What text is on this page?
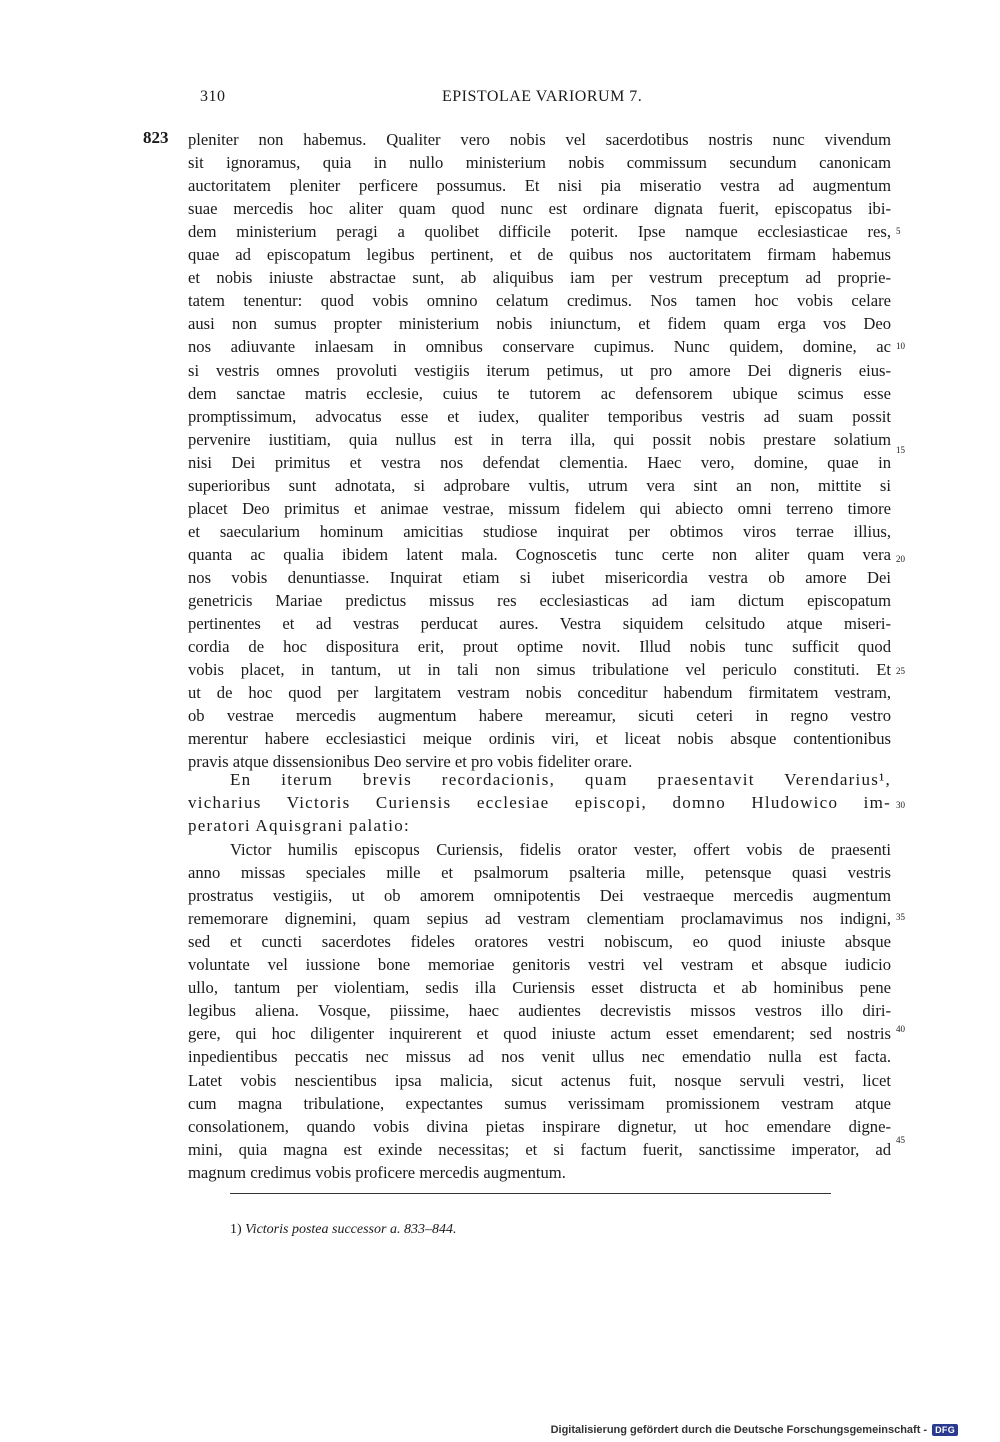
310	EPISTOLAE VARIORUM 7.
823 pleniter non habemus. Qualiter vero nobis vel sacerdotibus nostris nunc vivendum
sit ignoramus, quia in nullo ministerium nobis commissum secundum canonicam
auctoritatem pleniter perficere possumus. Et nisi pia miseratio vestra ad augmentum
suae mercedis hoc aliter quam quod nunc est ordinare dignata fuerit, episcopatus ibi-
dem ministerium peragi a quolibet difficile poterit. Ipse namque ecclesiasticae res,
quae ad episcopatum legibus pertinent, et de quibus nos auctoritatem firmam habemus
et nobis iniuste abstractae sunt, ab aliquibus iam per vestrum preceptum ad proprie-
tatem tenentur: quod vobis omnino celatum credimus. Nos tamen hoc vobis celare
ausi non sumus propter ministerium nobis iniunctum, et fidem quam erga vos Deo
nos adiuvante inlaesam in omnibus conservare cupimus. Nunc quidem, domine, ac
si vestris omnes provoluti vestigiis iterum petimus, ut pro amore Dei digneris eius-
dem sanctae matris ecclesie, cuius te tutorem ac defensorem ubique scimus esse
promptissimum, advocatus esse et iudex, qualiter temporibus vestris ad suam possit
pervenire iustitiam, quia nullus est in terra illa, qui possit nobis prestare solatium
nisi Dei primitus et vestra nos defendat clementia. Haec vero, domine, quae in
superioribus sunt adnotata, si adprobare vultis, utrum vera sint an non, mittite si
placet Deo primitus et animae vestrae, missum fidelem qui abiecto omni terreno timore
et saecularium hominum amicitias studiose inquirat per obtimos viros terrae illius,
quanta ac qualia ibidem latent mala. Cognoscetis tunc certe non aliter quam vera
nos vobis denuntiasse. Inquirat etiam si iubet misericordia vestra ob amore Dei
genetricis Mariae predictus missus res ecclesiasticas ad iam dictum episcopatum
pertinentes et ad vestras perducat aures. Vestra siquidem celsitudo atque miseri-
cordia de hoc dispositura erit, prout optime novit. Illud nobis tunc sufficit quod
vobis placet, in tantum, ut in tali non simus tribulatione vel periculo constituti. Et
ut de hoc quod per largitatem vestram nobis conceditur habendum firmitatem vestram,
ob vestrae mercedis augmentum habere mereamur, sicuti ceteri in regno vestro
merentur habere ecclesiastici meique ordinis viri, et liceat nobis absque contentionibus
pravis atque dissensionibus Deo servire et pro vobis fideliter orare.
En iterum brevis recordacionis, quam praesentavit Verendarius¹,
vicharius Victoris Curiensis ecclesiae episcopi, domno Hludowico im-
peratori Aquisgrani palatio:
Victor humilis episcopus Curiensis, fidelis orator vester, offert vobis de praesenti
anno missas speciales mille et psalmorum psalteria mille, petensque quasi vestris
prostratus vestigiis, ut ob amorem omnipotentis Dei vestraeque mercedis augmentum
rememorare dignemini, quam sepius ad vestram clementiam proclamavimus nos indigni,
sed et cuncti sacerdotes fideles oratores vestri nobiscum, eo quod iniuste absque
voluntate vel iussione bone memoriae genitoris vestri vel vestram et absque iudicio
ullo, tantum per violentiam, sedis illa Curiensis esset distructa et ab hominibus pene
legibus aliena. Vosque, piissime, haec audientes decrevistis missos vestros illo diri-
gere, qui hoc diligenter inquirerent et quod iniuste actum esset emendarent; sed nostris
inpedientibus peccatis nec missus ad nos venit ullus nec emendatio nulla est facta.
Latet vobis nescientibus ipsa malicia, sicut actenus fuit, nosque servuli vestri, licet
cum magna tribulatione, expectantes sumus verissimam promissionem vestram atque
consolationem, quando vobis divina pietas inspirare dignetur, ut hoc emendare digne-
mini, quia magna est exinde necessitas; et si factum fuerit, sanctissime imperator, ad
magnum credimus vobis proficere mercedis augmentum.
5
10
15
20
25
30
35
40
45
1) Victoris postea successor a. 833–844.
Digitalisierung gefördert durch die Deutsche Forschungsgemeinschaft - DFG
